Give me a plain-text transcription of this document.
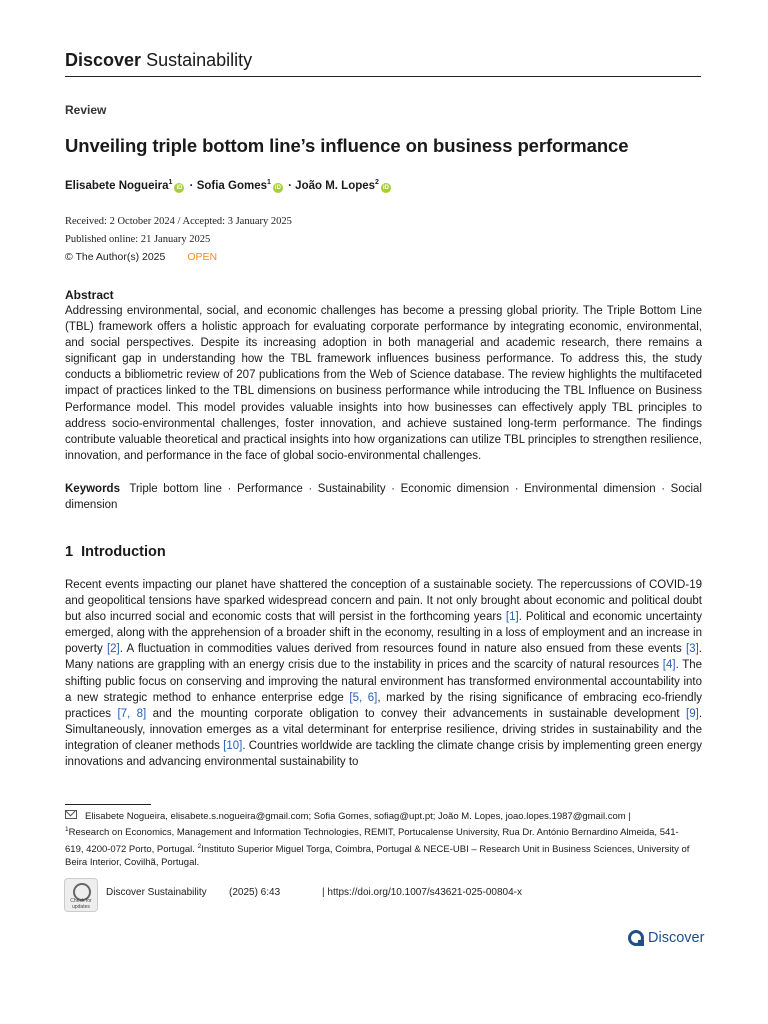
Discover Sustainability
Review
Unveiling triple bottom line’s influence on business performance
Elisabete Nogueira$^1$iD · Sofia Gomes$^1$iD · João M. Lopes$^2$iD
Received: 2 October 2024 / Accepted: 3 January 2025
Published online: 21 January 2025
© The Author(s) 2025 OPEN
Abstract
Addressing environmental, social, and economic challenges has become a pressing global priority. The Triple Bottom Line (TBL) framework offers a holistic approach for evaluating corporate performance by integrating economic, environmental, and social perspectives. Despite its increasing adoption in both managerial and academic research, there remains a significant gap in understanding how the TBL framework influences business performance. To address this, the study conducts a bibliometric review of 207 publications from the Web of Science database. The review highlights the multifaceted impact of practices linked to the TBL dimensions on business performance while introducing the TBL Influence on Business Performance model. This model provides valuable insights into how businesses can effectively apply TBL principles to address socio-environmental challenges, foster innovation, and achieve sustained long-term performance. The findings contribute valuable theoretical and practical insights into how organizations can utilize TBL principles to strengthen resilience, innovation, and performance in the face of global socio-environmental challenges.
Keywords Triple bottom line · Performance · Sustainability · Economic dimension · Environmental dimension · Social dimension
1 Introduction
Recent events impacting our planet have shattered the conception of a sustainable society. The repercussions of COVID-19 and geopolitical tensions have sparked widespread concern and pain. It not only brought about economic and political doubt but also incurred social and economic costs that will persist in the forthcoming years [1]. Political and economic uncertainty emerged, along with the apprehension of a broader shift in the economy, resulting in a loss of employment and an increase in poverty [2]. A fluctuation in commodities values derived from resources found in nature also ensued from these events [3]. Many nations are grappling with an energy crisis due to the instability in prices and the scarcity of natural resources [4]. The shifting public focus on conserving and improving the natural environment has transformed environmental accountability into a new strategic method to enhance enterprise edge [5, 6], marked by the rising significance of embracing eco-friendly practices [7, 8] and the mounting corporate obligation to convey their advancements in sustainable development [9]. Simultaneously, innovation emerges as a vital determinant for enterprise resilience, driving strides in sustainability and the integration of cleaner methods [10]. Countries worldwide are tackling the climate change crisis by implementing green energy innovations and advancing environmental sustainability to
Elisabete Nogueira, elisabete.s.nogueira@gmail.com; Sofia Gomes, sofiag@upt.pt; João M. Lopes, joao.lopes.1987@gmail.com |
$^1$Research on Economics, Management and Information Technologies, REMIT, Portucalense University, Rua Dr. António Bernardino Almeida, 541-619, 4200-072 Porto, Portugal. $^2$Instituto Superior Miguel Torga, Coimbra, Portugal & NECE-UBI – Research Unit in Business Sciences, University of Beira Interior, Covilhã, Portugal.
Check for updates
Discover Sustainability (2025) 6:43	| https://doi.org/10.1007/s43621-025-00804-x
Discover
